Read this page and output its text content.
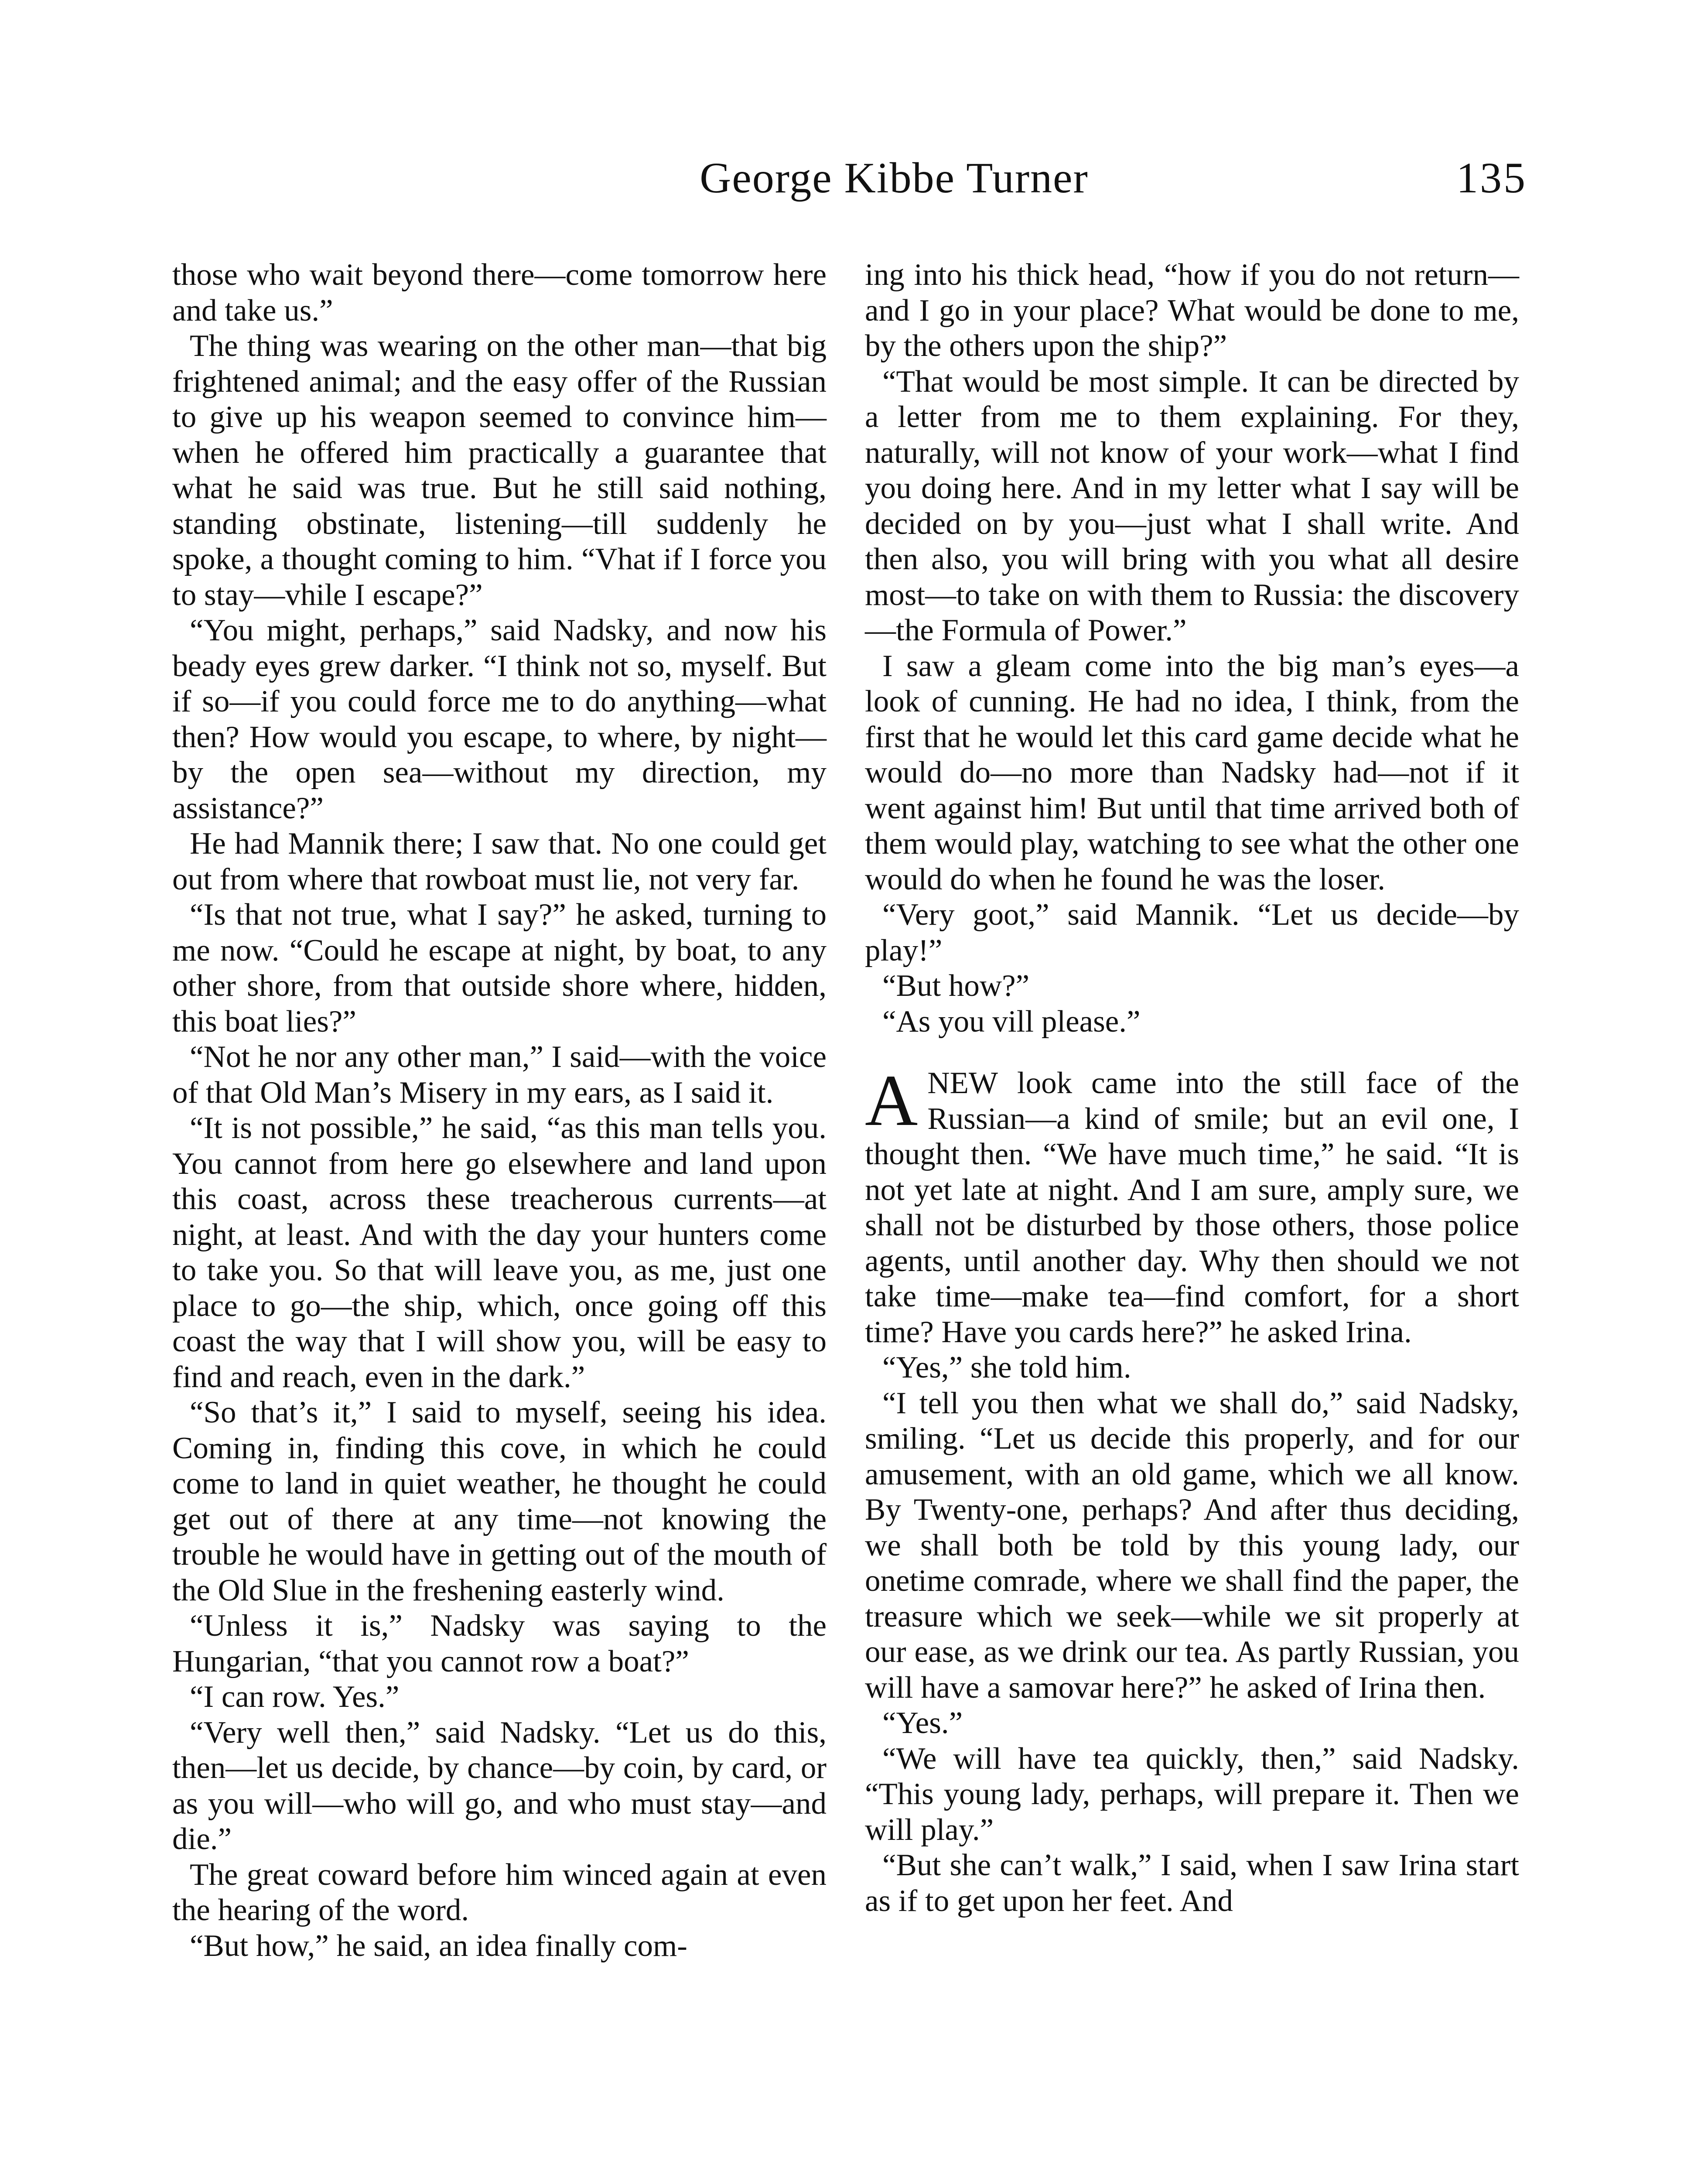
George Kibbe Turner	135

those who wait beyond there—come tomorrow here and take us.”

The thing was wearing on the other man—that big frightened animal; and the easy offer of the Russian to give up his weapon seemed to convince him—when he offered him practically a guarantee that what he said was true. But he still said nothing, standing obstinate, listening—till suddenly he spoke, a thought coming to him. “Vhat if I force you to stay—vhile I escape?”

“You might, perhaps,” said Nadsky, and now his beady eyes grew darker. “I think not so, myself. But if so—if you could force me to do anything—what then? How would you escape, to where, by night—by the open sea—without my direction, my assistance?”

He had Mannik there; I saw that. No one could get out from where that rowboat must lie, not very far.

“Is that not true, what I say?” he asked, turning to me now. “Could he escape at night, by boat, to any other shore, from that outside shore where, hidden, this boat lies?”

“Not he nor any other man,” I said—with the voice of that Old Man’s Misery in my ears, as I said it.

“It is not possible,” he said, “as this man tells you. You cannot from here go elsewhere and land upon this coast, across these treacherous currents—at night, at least. And with the day your hunters come to take you. So that will leave you, as me, just one place to go—the ship, which, once going off this coast the way that I will show you, will be easy to find and reach, even in the dark.”

“So that’s it,” I said to myself, seeing his idea. Coming in, finding this cove, in which he could come to land in quiet weather, he thought he could get out of there at any time—not knowing the trouble he would have in getting out of the mouth of the Old Slue in the freshening easterly wind.

“Unless it is,” Nadsky was saying to the Hungarian, “that you cannot row a boat?”

“I can row. Yes.”

“Very well then,” said Nadsky. “Let us do this, then—let us decide, by chance—by coin, by card, or as you will—who will go, and who must stay—and die.”

The great coward before him winced again at even the hearing of the word.

“But how,” he said, an idea finally com-

ing into his thick head, “how if you do not return—and I go in your place? What would be done to me, by the others upon the ship?”

“That would be most simple. It can be directed by a letter from me to them explaining. For they, naturally, will not know of your work—what I find you doing here. And in my letter what I say will be decided on by you—just what I shall write. And then also, you will bring with you what all desire most—to take on with them to Russia: the discovery—the Formula of Power.”

I saw a gleam come into the big man’s eyes—a look of cunning. He had no idea, I think, from the first that he would let this card game decide what he would do—no more than Nadsky had—not if it went against him! But until that time arrived both of them would play, watching to see what the other one would do when he found he was the loser.

“Very goot,” said Mannik. “Let us decide—by play!”

“But how?”

“As you vill please.”

ANEW look came into the still face of the Russian—a kind of smile; but an evil one, I thought then. “We have much time,” he said. “It is not yet late at night. And I am sure, amply sure, we shall not be disturbed by those others, those police agents, until another day. Why then should we not take time—make tea—find comfort, for a short time? Have you cards here?” he asked Irina.

“Yes,” she told him.

“I tell you then what we shall do,” said Nadsky, smiling. “Let us decide this properly, and for our amusement, with an old game, which we all know. By Twenty-one, perhaps? And after thus deciding, we shall both be told by this young lady, our onetime comrade, where we shall find the paper, the treasure which we seek—while we sit properly at our ease, as we drink our tea. As partly Russian, you will have a samovar here?” he asked of Irina then.

“Yes.”

“We will have tea quickly, then,” said Nadsky. “This young lady, perhaps, will prepare it. Then we will play.”

“But she can’t walk,” I said, when I saw Irina start as if to get upon her feet. And
